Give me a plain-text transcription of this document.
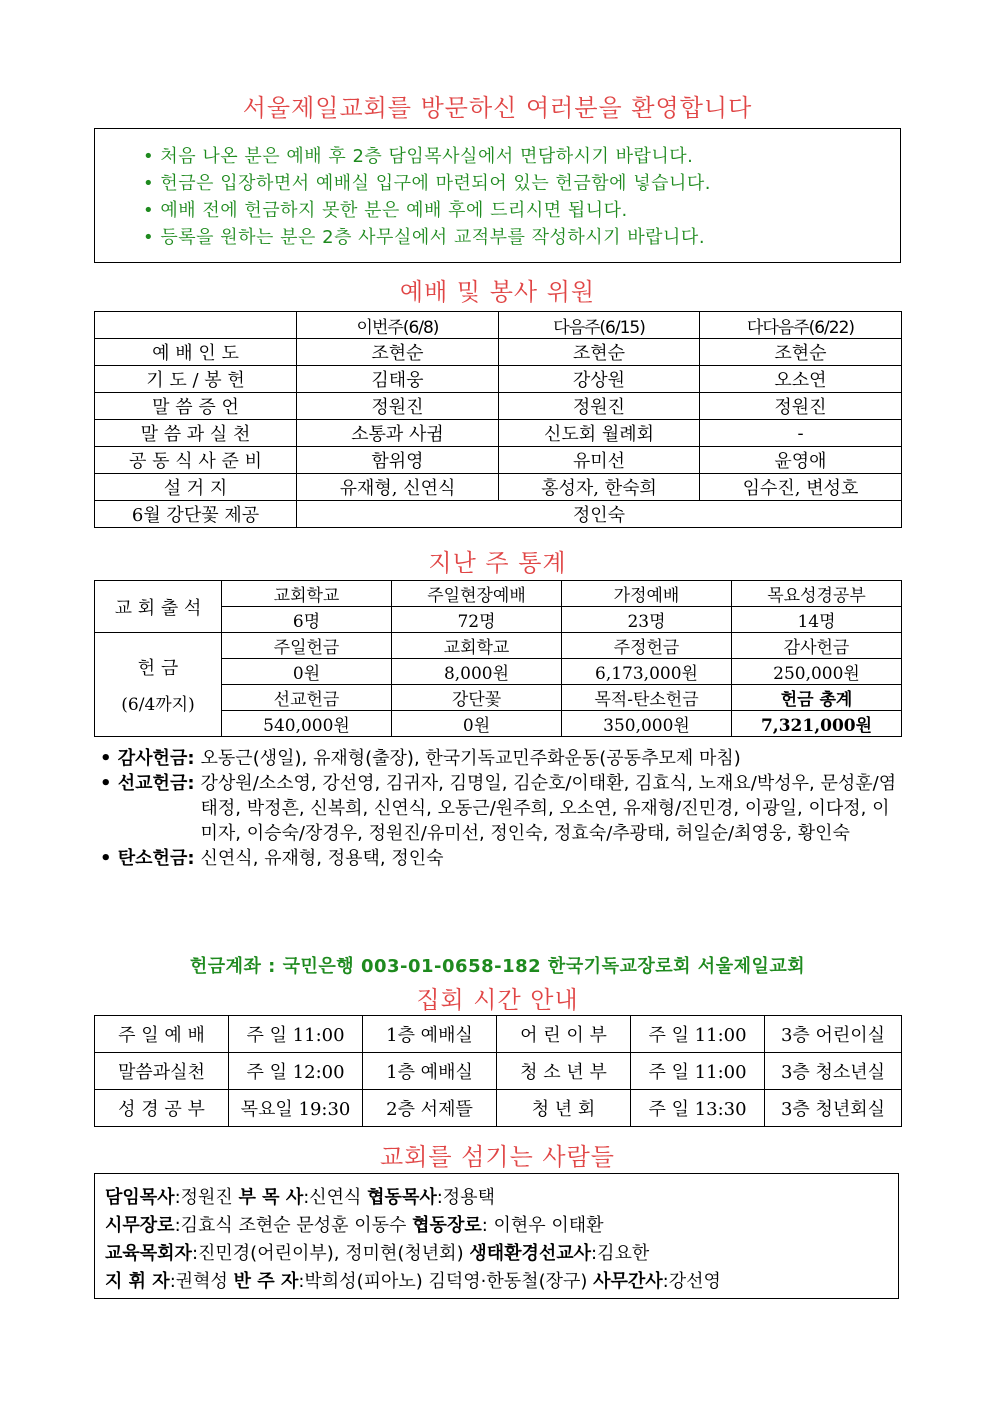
서울제일교회를 방문하신 여러분을 환영합니다
• 처음 나온 분은 예배 후 2층 담임목사실에서 면담하시기 바랍니다.
• 헌금은 입장하면서 예배실 입구에 마련되어 있는 헌금함에 넣습니다.
• 예배 전에 헌금하지 못한 분은 예배 후에 드리시면 됩니다.
• 등록을 원하는 분은 2층 사무실에서 교적부를 작성하시기 바랍니다.
예배 및 봉사 위원
	이번주(6/8)	다음주(6/15)	다다음주(6/22)
예 배 인 도	조현순	조현순	조현순
기 도 / 봉 헌	김태웅	강상원	오소연
말 씀 증 언	정원진	정원진	정원진
말 씀 과 실 천	소통과 사귐	신도회 월례회	-
공 동 식 사 준 비	함위영	유미선	윤영애
설 거 지	유재형, 신연식	홍성자, 한숙희	임수진, 변성호
6월 강단꽃 제공	정인숙		
지난 주 통계
교 회 출 석	교회학교	주일현장예배	가정예배	목요성경공부
	6명	72명	23명	14명

헌 금
(6/4까지)	주일헌금	교회학교	주정헌금	감사헌금
	0원	8,000원	6,173,000원	250,000원
	선교헌금	강단꽃	목적-탄소헌금	헌금 총계
	540,000원	0원	350,000원	7,321,000원
• 감사헌금: 오동근(생일), 유재형(출장), 한국기독교민주화운동(공동추모제 마침)
• 선교헌금: 강상원/소소영, 강선영, 김귀자, 김명일, 김순호/이태환, 김효식, 노재요/박성우, 문성훈/염태정, 박정흔, 신복희, 신연식, 오동근/원주희, 오소연, 유재형/진민경, 이광일, 이다정, 이미자, 이승숙/장경우, 정원진/유미선, 정인숙, 정효숙/추광태, 허일순/최영웅, 황인숙
• 탄소헌금: 신연식, 유재형, 정용택, 정인숙
헌금계좌 : 국민은행 003-01-0658-182 한국기독교장로회 서울제일교회
집회 시간 안내
주 일 예 배	주 일 11:00	1층 예배실	어 린 이 부	주 일 11:00	3층 어린이실
말씀과실천	주 일 12:00	1층 예배실	청 소 년 부	주 일 11:00	3층 청소년실
성 경 공 부	목요일 19:30	2층 서제뜰	청 년 회	주 일 13:30	3층 청년회실
교회를 섬기는 사람들

담임목사:정원진 부 목 사:신연식 협동목사:정용택

시무장로:김효식 조현순 문성훈 이동수 협동장로: 이현우 이태환

교육목회자:진민경(어린이부), 정미현(청년회) 생태환경선교사:김요한

지 휘 자:권혁성 반 주 자:박희성(피아노) 김덕영·한동철(장구) 사무간사:강선영
